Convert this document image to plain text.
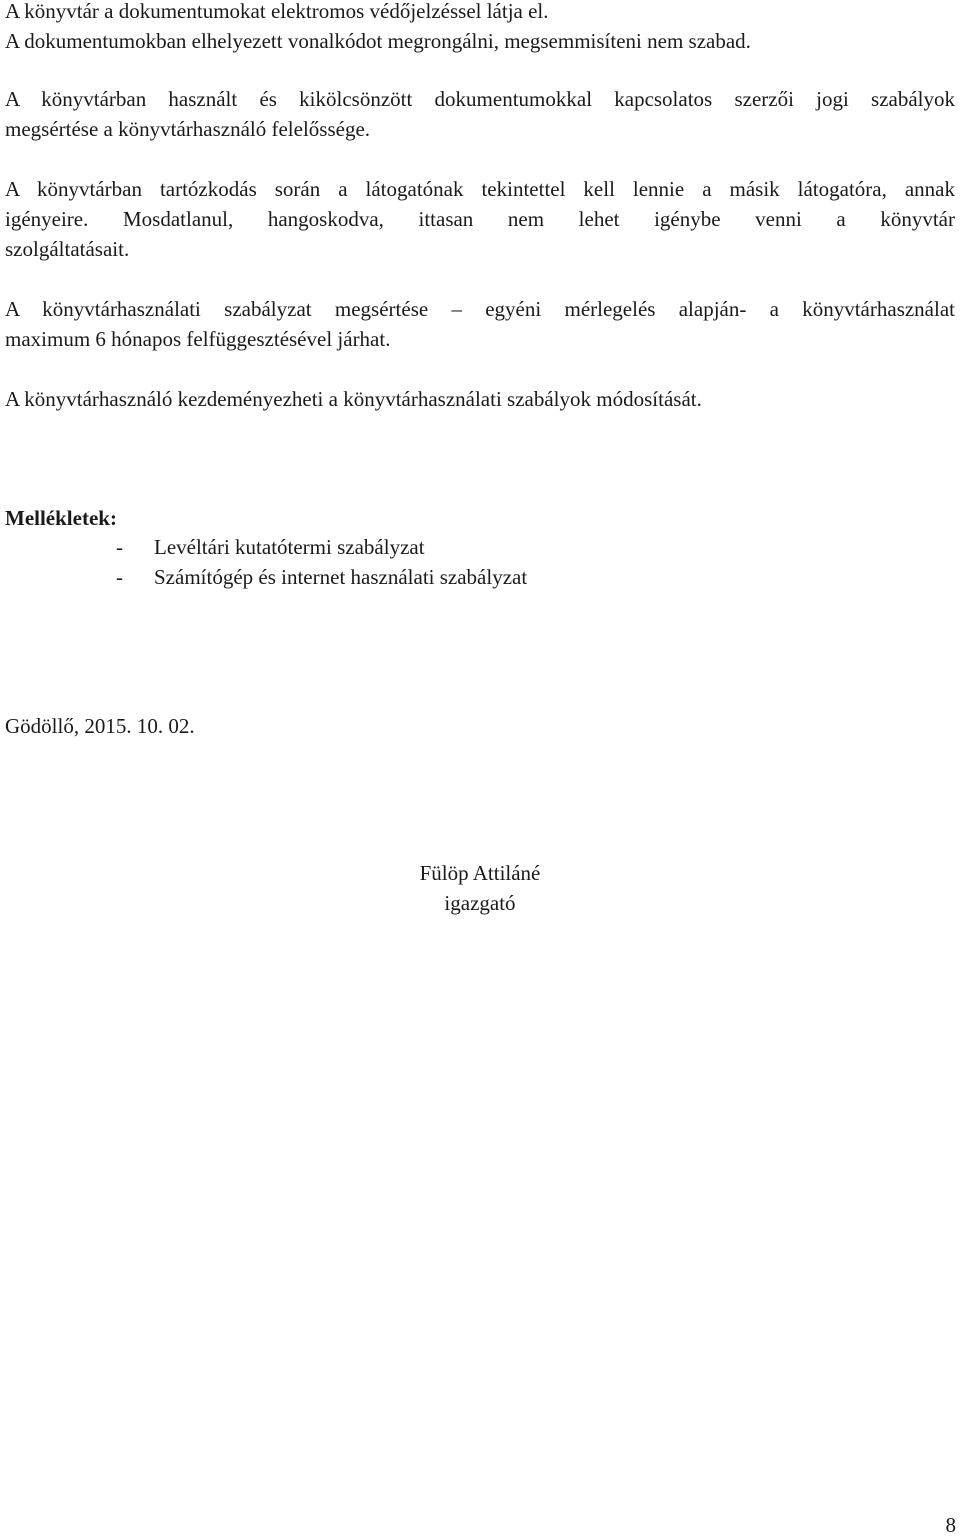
A könyvtár a dokumentumokat elektromos védőjelzéssel látja el.
A dokumentumokban elhelyezett vonalkódot megrongálni, megsemmisíteni nem szabad.

A könyvtárban használt és kikölcsönzött dokumentumokkal kapcsolatos szerzői jogi szabályok
megsértése a könyvtárhasználó felelőssége.

A könyvtárban tartózkodás során a látogatónak tekintettel kell lennie a másik látogatóra, annak
igényeire. Mosdatlanul, hangoskodva, ittasan nem lehet igénybe venni a könyvtár
szolgáltatásait.

A könyvtárhasználati szabályzat megsértése – egyéni mérlegelés alapján- a könyvtárhasználat
maximum 6 hónapos felfüggesztésével járhat.

A könyvtárhasználó kezdeményezheti a könyvtárhasználati szabályok módosítását.

Mellékletek:

-	Levéltári kutatótermi szabályzat
-	Számítógép és internet használati szabályzat

Gödöllő, 2015. 10. 02.

Fülöp Attiláné
igazgató
8
